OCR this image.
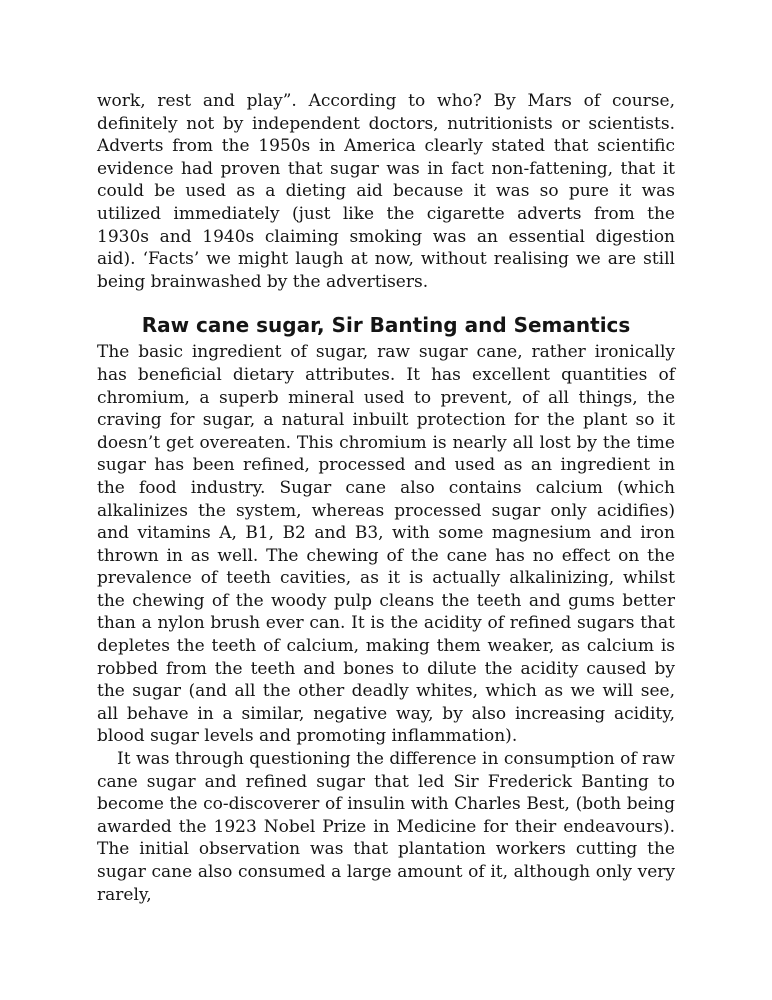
work, rest and play”. According to who? By Mars of course, definitely not by independent doctors, nutritionists or scientists. Adverts from the 1950s in America clearly stated that scientific evidence had proven that sugar was in fact non-fattening, that it could be used as a dieting aid because it was so pure it was utilized immediately (just like the cigarette adverts from the 1930s and 1940s claiming smoking was an essential digestion aid). ‘Facts’ we might laugh at now, without realising we are still being brainwashed by the advertisers.

Raw cane sugar, Sir Banting and Semantics

The basic ingredient of sugar, raw sugar cane, rather ironically has beneficial dietary attributes. It has excellent quantities of chromium, a superb mineral used to prevent, of all things, the craving for sugar, a natural inbuilt protection for the plant so it doesn’t get overeaten. This chromium is nearly all lost by the time sugar has been refined, processed and used as an ingredient in the food industry. Sugar cane also contains calcium (which alkalinizes the system, whereas processed sugar only acidifies) and vitamins A, B1, B2 and B3, with some magnesium and iron thrown in as well. The chewing of the cane has no effect on the prevalence of teeth cavities, as it is actually alkalinizing, whilst the chewing of the woody pulp cleans the teeth and gums better than a nylon brush ever can. It is the acidity of refined sugars that depletes the teeth of calcium, making them weaker, as calcium is robbed from the teeth and bones to dilute the acidity caused by the sugar (and all the other deadly whites, which as we will see, all behave in a similar, negative way, by also increasing acidity, blood sugar levels and promoting inflammation).

It was through questioning the difference in consumption of raw cane sugar and refined sugar that led Sir Frederick Banting to become the co-discoverer of insulin with Charles Best, (both being awarded the 1923 Nobel Prize in Medicine for their endeavours). The initial observation was that plantation workers cutting the sugar cane also consumed a large amount of it, although only very rarely,
